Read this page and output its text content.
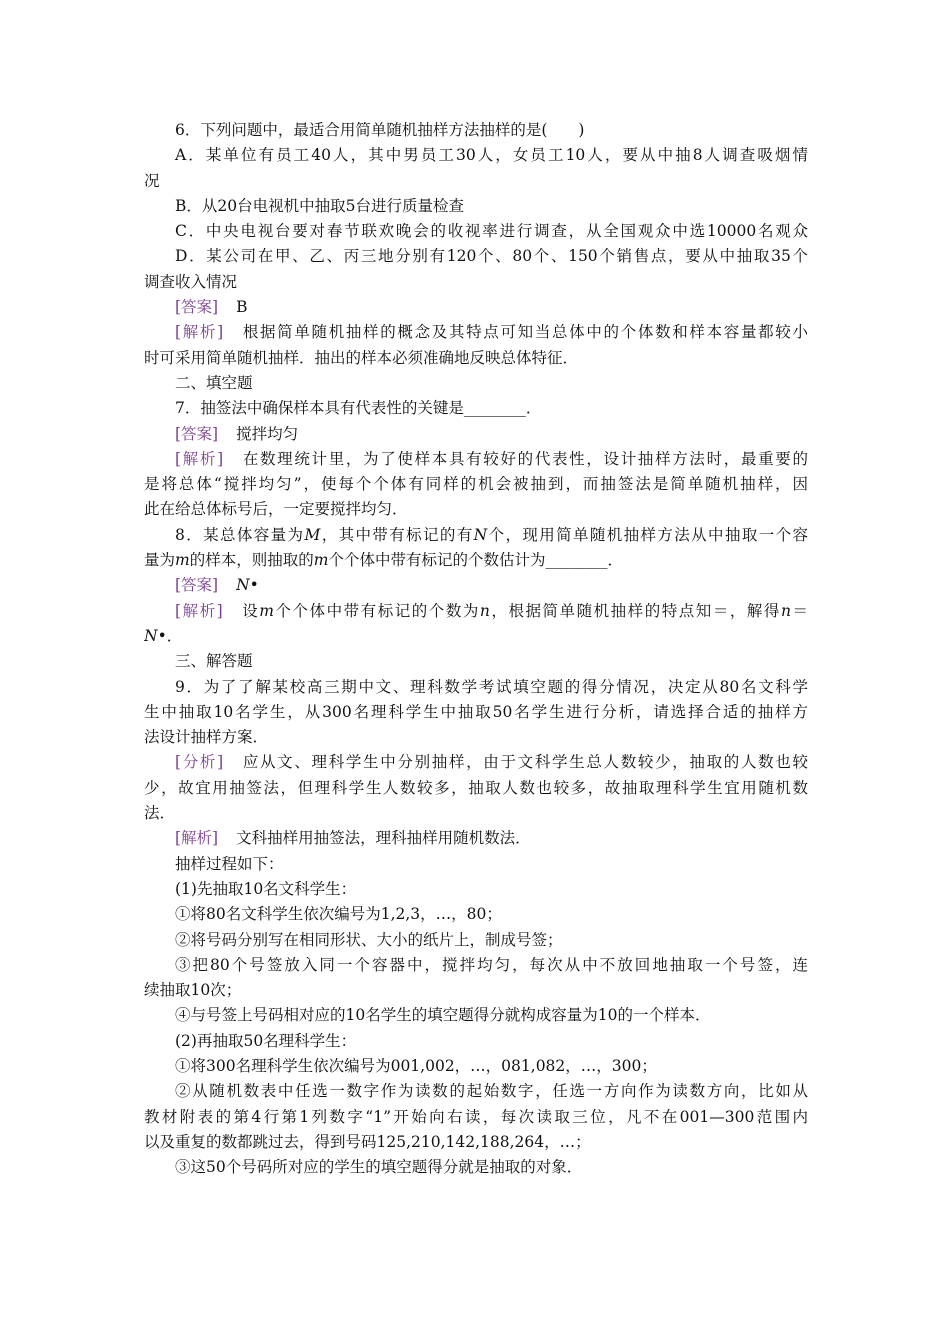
6．下列问题中，最适合用简单随机抽样方法抽样的是(　　)
A．某单位有员工40人，其中男员工30人，女员工10人，要从中抽8人调查吸烟情
况
B．从20台电视机中抽取5台进行质量检查
C．中央电视台要对春节联欢晚会的收视率进行调查，从全国观众中选10000名观众
D．某公司在甲、乙、丙三地分别有120个、80个、150个销售点，要从中抽取35个
调查收入情况
[答案] B
[解析] 根据简单随机抽样的概念及其特点可知当总体中的个体数和样本容量都较小
时可采用简单随机抽样．抽出的样本必须准确地反映总体特征．
二、填空题
7．抽签法中确保样本具有代表性的关键是________．
[答案] 搅拌均匀
[解析] 在数理统计里，为了使样本具有较好的代表性，设计抽样方法时，最重要的
是将总体“搅拌均匀”，使每个个体有同样的机会被抽到，而抽签法是简单随机抽样，因
此在给总体标号后，一定要搅拌均匀．
8．某总体容量为M，其中带有标记的有N个，现用简单随机抽样方法从中抽取一个容
量为m的样本，则抽取的m个个体中带有标记的个数估计为________．
[答案] N•
[解析] 设m个个体中带有标记的个数为n，根据简单随机抽样的特点知＝，解得n＝
N•．
三、解答题
9．为了了解某校高三期中文、理科数学考试填空题的得分情况，决定从80名文科学
生中抽取10名学生，从300名理科学生中抽取50名学生进行分析，请选择合适的抽样方
法设计抽样方案．
[分析] 应从文、理科学生中分别抽样，由于文科学生总人数较少，抽取的人数也较
少，故宜用抽签法，但理科学生人数较多，抽取人数也较多，故抽取理科学生宜用随机数
法．
[解析] 文科抽样用抽签法，理科抽样用随机数法．
抽样过程如下：
(1)先抽取10名文科学生：
①将80名文科学生依次编号为1,2,3，…，80；
②将号码分别写在相同形状、大小的纸片上，制成号签；
③把80个号签放入同一个容器中，搅拌均匀，每次从中不放回地抽取一个号签，连
续抽取10次；
④与号签上号码相对应的10名学生的填空题得分就构成容量为10的一个样本．
(2)再抽取50名理科学生：
①将300名理科学生依次编号为001,002，…，081,082，…，300；
②从随机数表中任选一数字作为读数的起始数字，任选一方向作为读数方向，比如从
教材附表的第4行第1列数字“1”开始向右读，每次读取三位，凡不在001—300范围内
以及重复的数都跳过去，得到号码125,210,142,188,264，…；
③这50个号码所对应的学生的填空题得分就是抽取的对象．
